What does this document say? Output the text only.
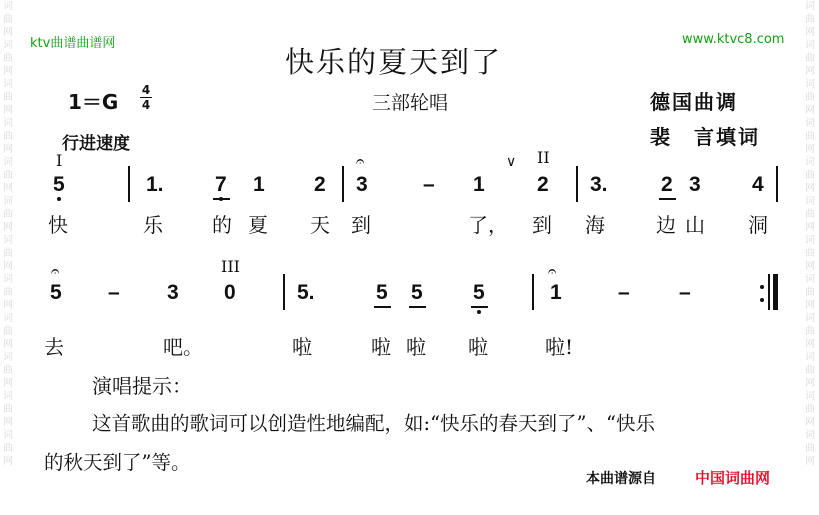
词曲网词曲网词曲网词曲网词曲网词曲网词曲网词曲网词曲网词曲网词曲网词曲网
词曲网词曲网词曲网词曲网词曲网词曲网词曲网词曲网词曲网词曲网词曲网词曲网
ktv曲谱曲谱网	www.ktvc8.com
快乐的夏天到了
1＝G 4
4	三部轮唱	德国曲调
行进速度	裴　言填词
I	∨ II
5	1. 7 1 2
𝄐
3	– 1 2 3.	2 3 4
快	乐 的 夏 天 到	了， 到 海	边 山 洞
III
𝄐
5 – 3 0	5.	5 5 5
𝄐
1	– –
去	吧。	啦	啦 啦 啦	啦!
演唱提示：
这首歌曲的歌词可以创造性地编配，如:“快乐的春天到了”、“快乐
的秋天到了”等。
本曲谱源自	中国词曲网
